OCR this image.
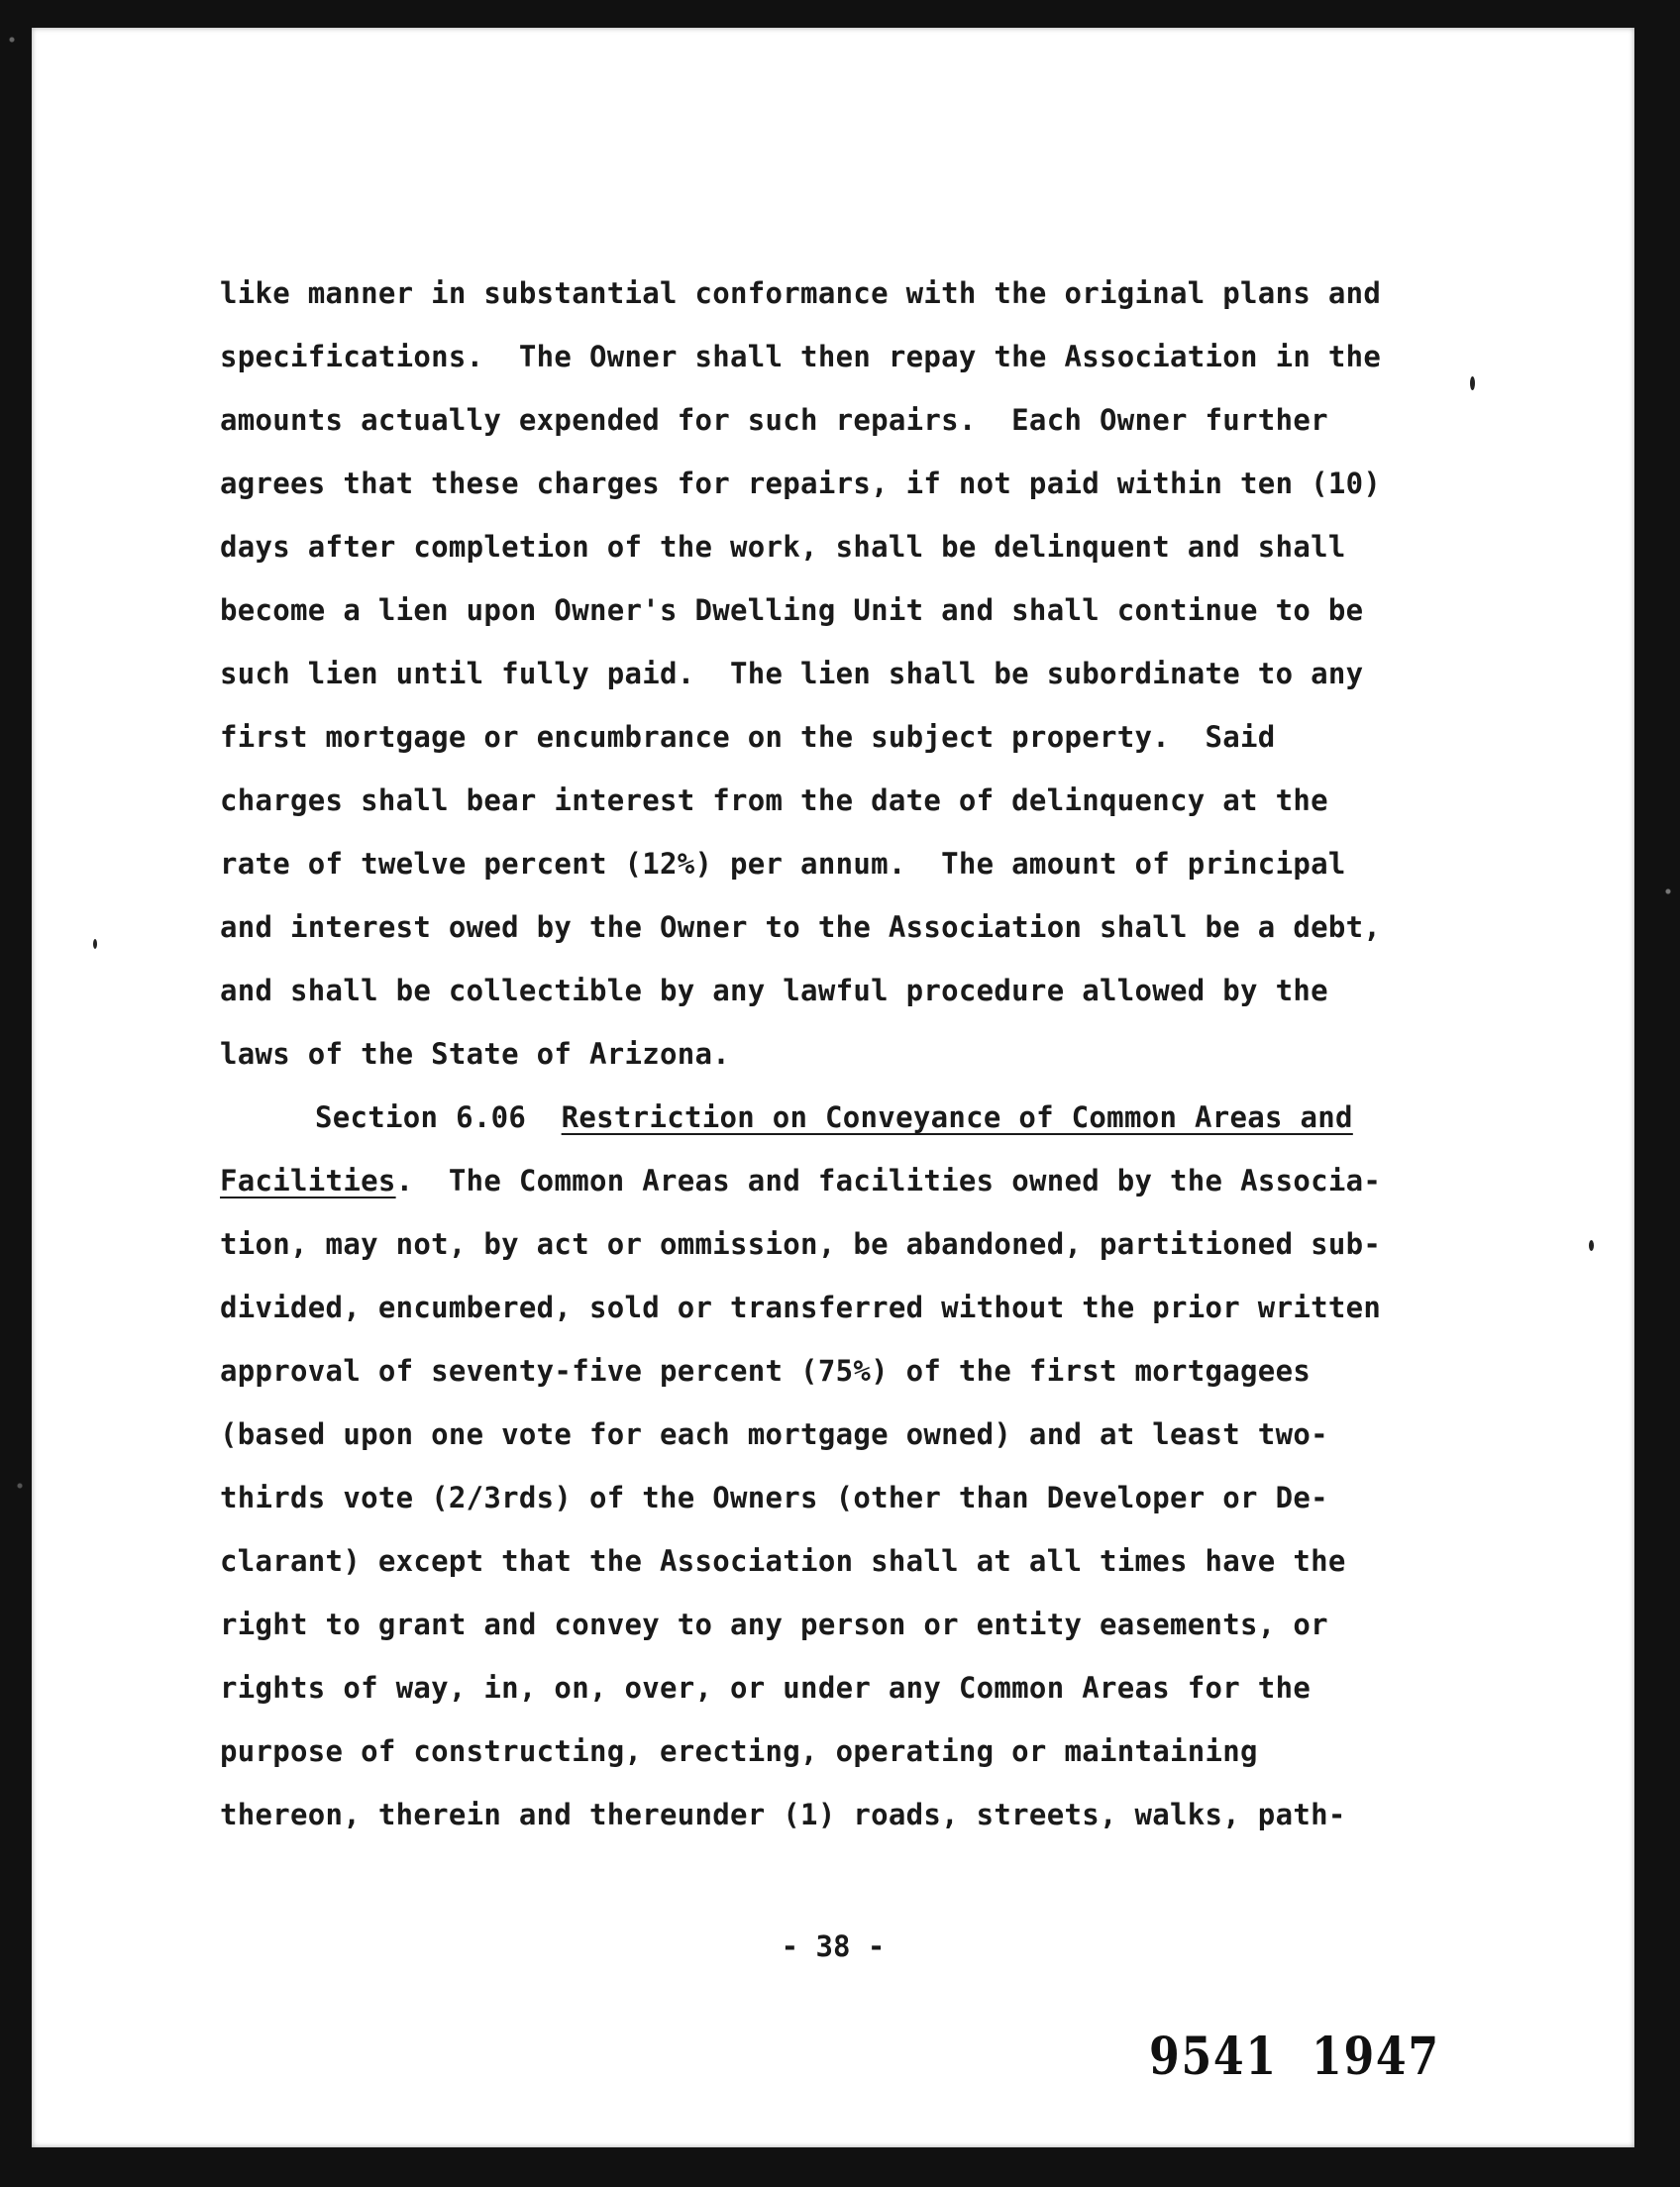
like manner in substantial conformance with the original plans and
specifications.  The Owner shall then repay the Association in the
amounts actually expended for such repairs.  Each Owner further
agrees that these charges for repairs, if not paid within ten (10)
days after completion of the work, shall be delinquent and shall
become a lien upon Owner's Dwelling Unit and shall continue to be
such lien until fully paid.  The lien shall be subordinate to any
first mortgage or encumbrance on the subject property.  Said
charges shall bear interest from the date of delinquency at the
rate of twelve percent (12%) per annum.  The amount of principal
and interest owed by the Owner to the Association shall be a debt,
and shall be collectible by any lawful procedure allowed by the
laws of the State of Arizona.
Section 6.06  Restriction on Conveyance of Common Areas and
Facilities.  The Common Areas and facilities owned by the Associa-
tion, may not, by act or ommission, be abandoned, partitioned sub-
divided, encumbered, sold or transferred without the prior written
approval of seventy-five percent (75%) of the first mortgagees
(based upon one vote for each mortgage owned) and at least two-
thirds vote (2/3rds) of the Owners (other than Developer or De-
clarant) except that the Association shall at all times have the
right to grant and convey to any person or entity easements, or
rights of way, in, on, over, or under any Common Areas for the
purpose of constructing, erecting, operating or maintaining
thereon, therein and thereunder (1) roads, streets, walks, path-
- 38 -
9541  1947
